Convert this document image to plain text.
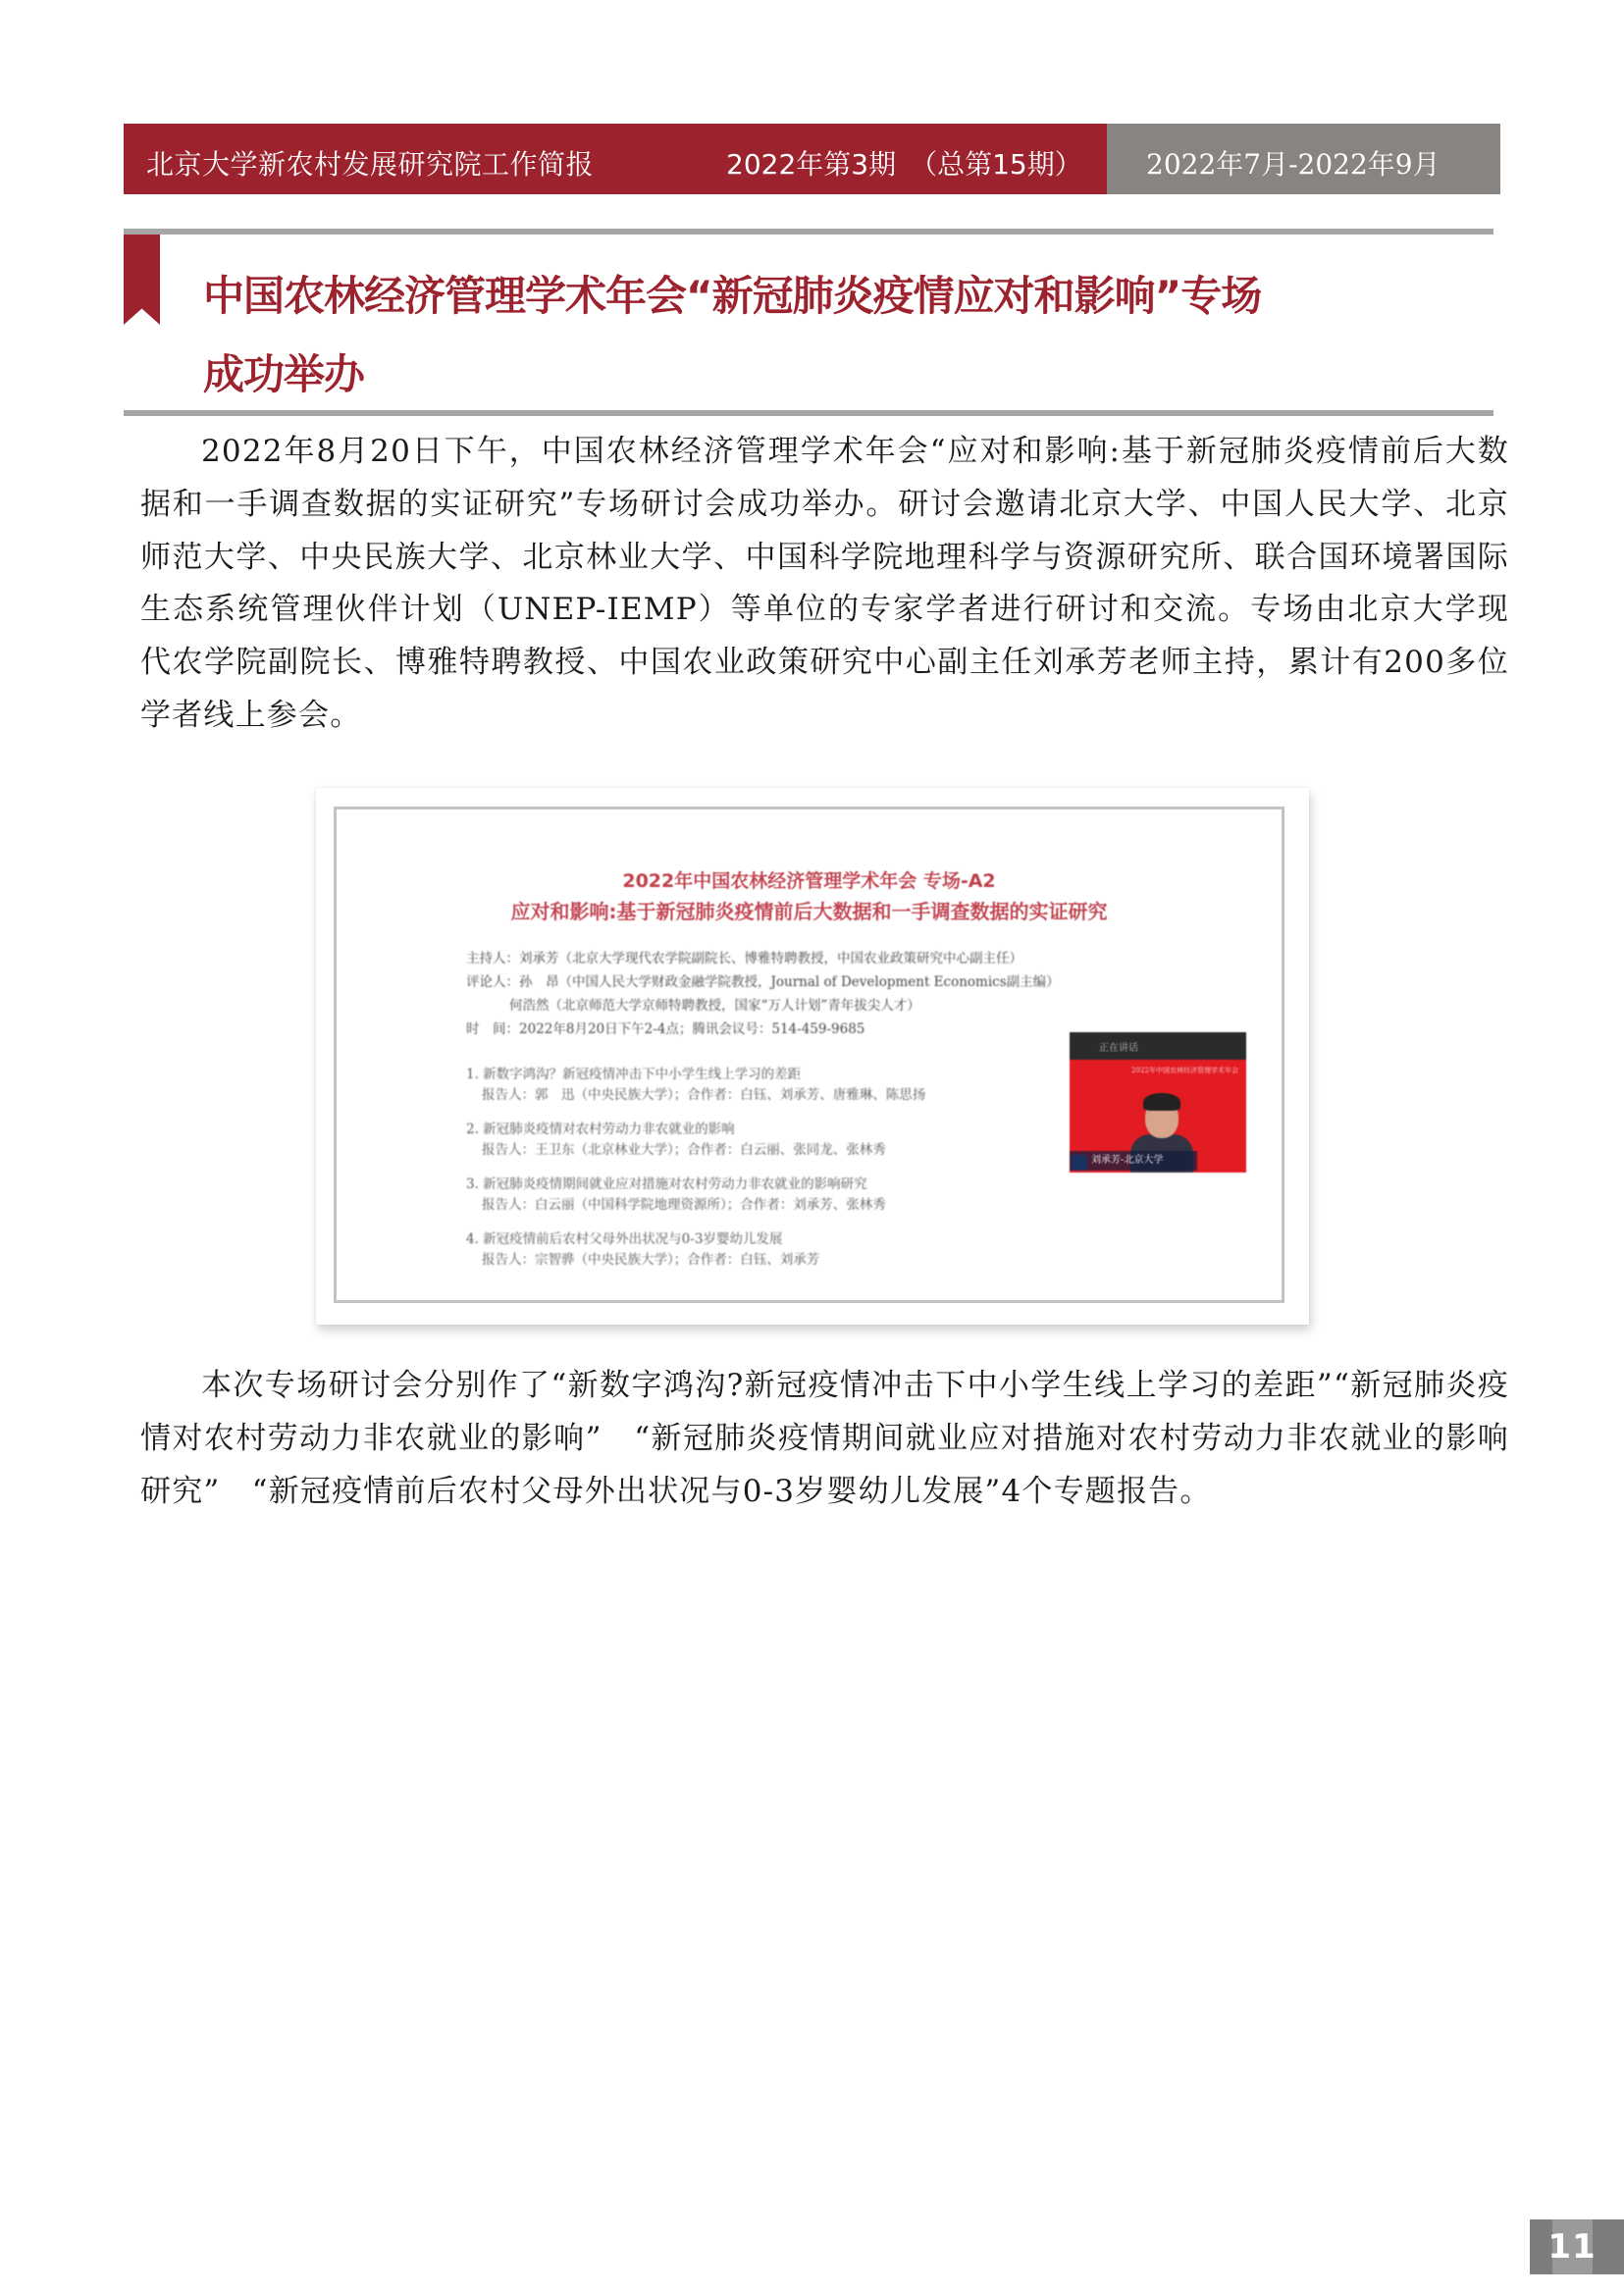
北京大学新农村发展研究院工作简报	2022年第3期　（总第15期） 2022年7月-2022年9月
中国农林经济管理学术年会“新冠肺炎疫情应对和影响”专场
成功举办

2022年8月20日下午，中国农林经济管理学术年会“应对和影响:基于新冠肺炎疫情前后大数据和一手调查数据的实证研究”专场研讨会成功举办。研讨会邀请北京大学、中国人民大学、北京师范大学、中央民族大学、北京林业大学、中国科学院地理科学与资源研究所、联合国环境署国际生态系统管理伙伴计划（UNEP-IEMP）等单位的专家学者进行研讨和交流。专场由北京大学现代农学院副院长、博雅特聘教授、中国农业政策研究中心副主任刘承芳老师主持，累计有200多位学者线上参会。

2022年中国农林经济管理学术年会 专场-A2
应对和影响:基于新冠肺炎疫情前后大数据和一手调查数据的实证研究
主持人：刘承芳（北京大学现代农学院副院长、博雅特聘教授，中国农业政策研究中心副主任）
评论人：孙　昂（中国人民大学财政金融学院教授，Journal of Development Economics副主编）
何浩然（北京师范大学京师特聘教授，国家“万人计划”青年拔尖人才）
时　间：2022年8月20日下午2-4点；腾讯会议号：514-459-9685
1. 新数字鸿沟？新冠疫情冲击下中小学生线上学习的差距
报告人：郭　迅（中央民族大学）；合作者：白钰、刘承芳、唐雅琳、陈思扬
2. 新冠肺炎疫情对农村劳动力非农就业的影响
报告人：王卫东（北京林业大学）；合作者：白云丽、张同龙、张林秀
3. 新冠肺炎疫情期间就业应对措施对农村劳动力非农就业的影响研究
报告人：白云丽（中国科学院地理资源所）；合作者：刘承芳、张林秀
4. 新冠疫情前后农村父母外出状况与0-3岁婴幼儿发展
报告人：宗智骅（中央民族大学）；合作者：白钰、刘承芳
正在讲话
2022年中国农林经济管理学术年会
刘承芳-北京大学

本次专场研讨会分别作了“新数字鸿沟?新冠疫情冲击下中小学生线上学习的差距”“新冠肺炎疫情对农村劳动力非农就业的影响”　“新冠肺炎疫情期间就业应对措施对农村劳动力非农就业的影响研究”　“新冠疫情前后农村父母外出状况与0-3岁婴幼儿发展”4个专题报告。

11
